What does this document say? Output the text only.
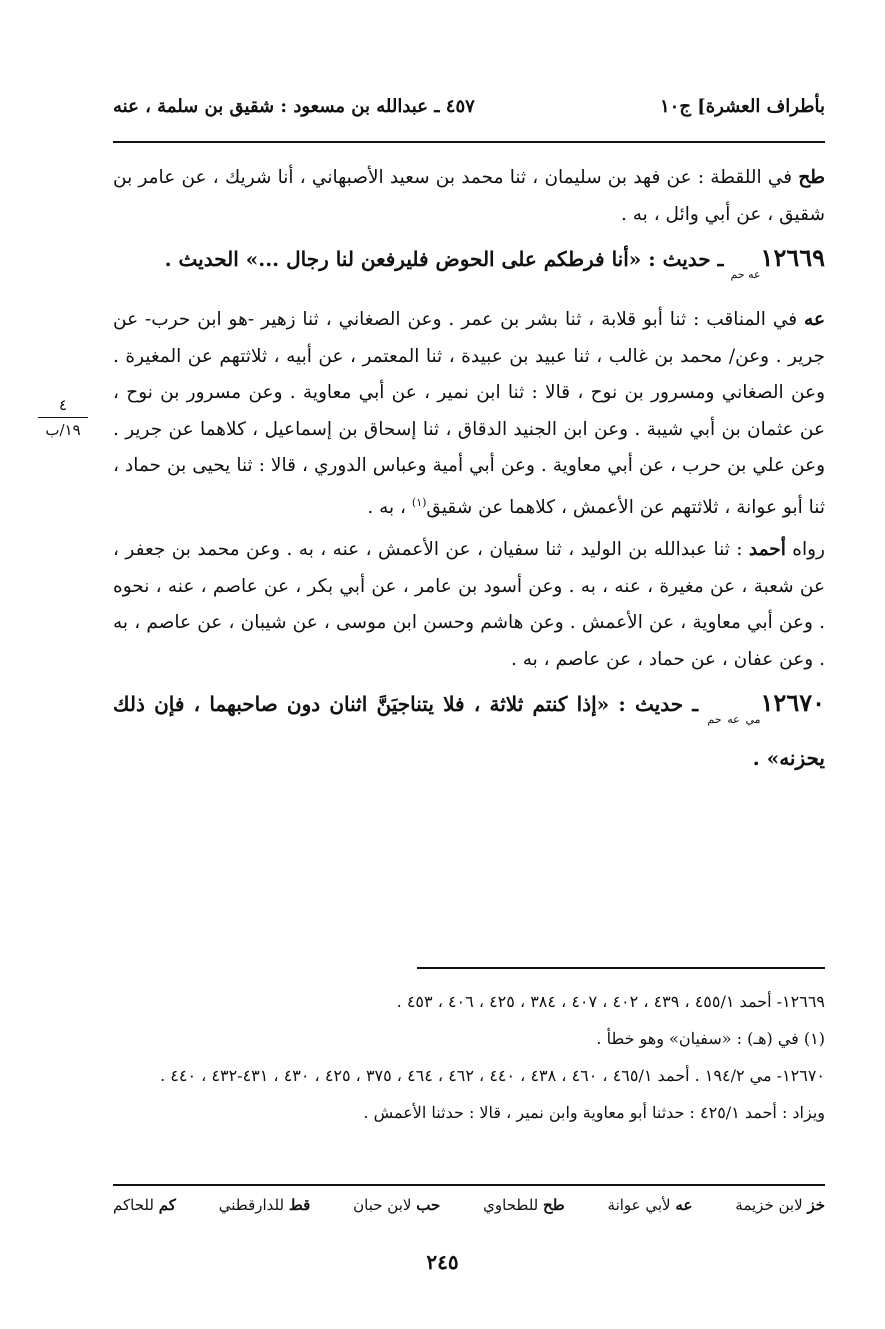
بأطراف العشرة] ج١٠
٤٥٧ ـ عبدالله بن مسعود : شقيق بن سلمة ، عنه
٤
١٩/ب

طح في اللقطة : عن فهد بن سليمان ، ثنا محمد بن سعيد الأصبهاني ، أنا شريك ، عن عامر بن شقيق ، عن أبي وائل ، به .

$١٢٦٦٩_{عه حم}$ ـ حديث : «أنا فرطكم على الحوض فليرفعن لنا رجال ...» الحديث .

عه في المناقب : ثنا أبو قلابة ، ثنا بشر بن عمر . وعن الصغاني ، ثنا زهير -هو ابن حرب- عن جرير . وعن/ محمد بن غالب ، ثنا عبيد بن عبيدة ، ثنا المعتمر ، عن أبيه ، ثلاثتهم عن المغيرة . وعن الصغاني ومسرور بن نوح ، قالا : ثنا ابن نمير ، عن أبي معاوية . وعن مسرور بن نوح ، عن عثمان بن أبي شيبة . وعن ابن الجنيد الدقاق ، ثنا إسحاق بن إسماعيل ، كلاهما عن جرير . وعن علي بن حرب ، عن أبي معاوية . وعن أبي أمية وعباس الدوري ، قالا : ثنا يحيى بن حماد ، ثنا أبو عوانة ، ثلاثتهم عن الأعمش ، كلاهما عن شقيق$^{(١)}$ ، به .

رواه أحمد : ثنا عبدالله بن الوليد ، ثنا سفيان ، عن الأعمش ، عنه ، به . وعن محمد بن جعفر ، عن شعبة ، عن مغيرة ، عنه ، به . وعن أسود بن عامر ، عن أبي بكر ، عن عاصم ، عنه ، نحوه . وعن أبي معاوية ، عن الأعمش . وعن هاشم وحسن ابن موسى ، عن شيبان ، عن عاصم ، به . وعن عفان ، عن حماد ، عن عاصم ، به .

$١٢٦٧٠_{مي عه حم}$ ـ حديث : «إذا كنتم ثلاثة ، فلا يتناجيَنَّ اثنان دون صاحبهما ، فإن ذلك يحزنه» .

١٢٦٦٩- أحمد ٤٥٥/١ ، ٤٣٩ ، ٤٠٢ ، ٤٠٧ ، ٣٨٤ ، ٤٢٥ ، ٤٠٦ ، ٤٥٣ .

(١) في (هـ) : «سفيان» وهو خطأ .

١٢٦٧٠- مي ١٩٤/٢ . أحمد ٤٦٥/١ ، ٤٦٠ ، ٤٣٨ ، ٤٤٠ ، ٤٦٢ ، ٤٦٤ ، ٣٧٥ ، ٤٢٥ ، ٤٣٠ ، ٤٣١-٤٣٢ ، ٤٤٠ .

ويزاد : أحمد ٤٢٥/١ : حدثنا أبو معاوية وابن نمير ، قالا : حدثنا الأعمش .

خز لابن خزيمة
عه لأبي عوانة
طح للطحاوي
حب لابن حبان
قط للدارقطني
كم للحاكم
٢٤٥
